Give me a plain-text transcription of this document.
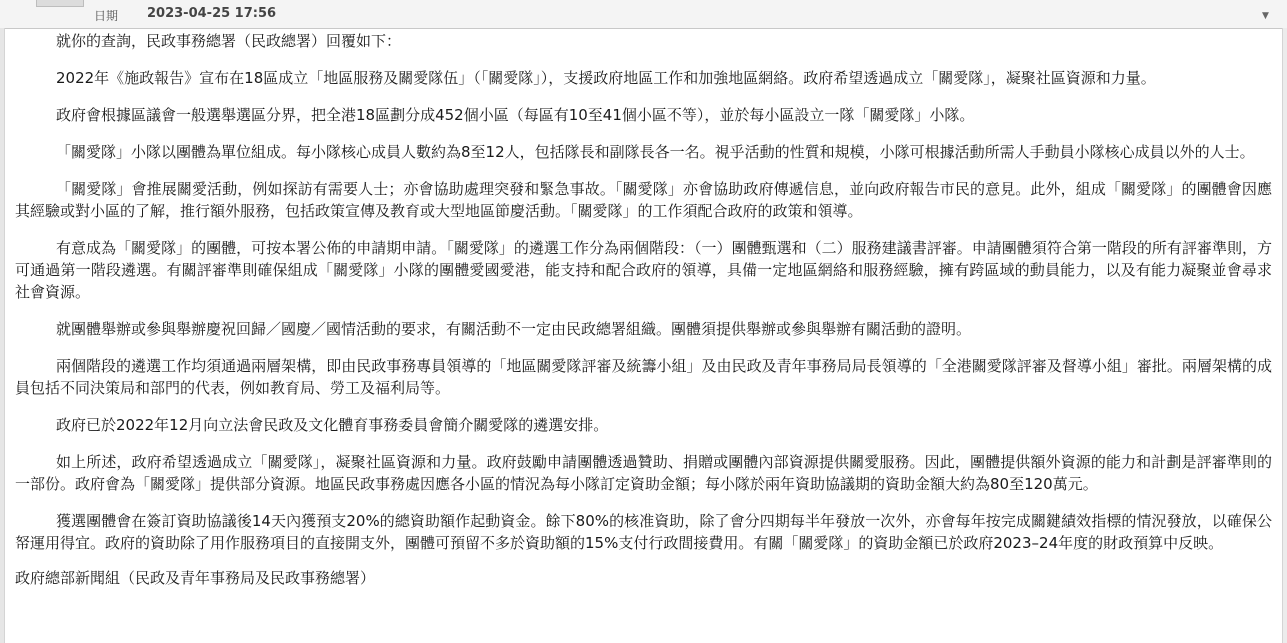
日期 2023-04-25 17:56	▼

就你的查詢，民政事務總署（民政總署）回覆如下：

2022年《施政報告》宣布在18區成立「地區服務及關愛隊伍」（「關愛隊」），支援政府地區工作和加強地區網絡。政府希望透過成立「關愛隊」，凝聚社區資源和力量。

政府會根據區議會一般選舉選區分界，把全港18區劃分成452個小區（每區有10至41個小區不等），並於每小區設立一隊「關愛隊」小隊。

「關愛隊」小隊以團體為單位組成。每小隊核心成員人數約為8至12人，包括隊長和副隊長各一名。視乎活動的性質和規模，小隊可根據活動所需人手動員小隊核心成員以外的人士。

「關愛隊」會推展關愛活動，例如探訪有需要人士；亦會協助處理突發和緊急事故。「關愛隊」亦會協助政府傳遞信息，並向政府報告市民的意見。此外，組成「關愛隊」的團體會因應其經驗或對小區的了解，推行額外服務，包括政策宣傳及教育或大型地區節慶活動。「關愛隊」的工作須配合政府的政策和領導。

有意成為「關愛隊」的團體，可按本署公佈的申請期申請。「關愛隊」的遴選工作分為兩個階段：（一）團體甄選和（二）服務建議書評審。申請團體須符合第一階段的所有評審準則，方可通過第一階段遴選。有關評審準則確保組成「關愛隊」小隊的團體愛國愛港，能支持和配合政府的領導，具備一定地區網絡和服務經驗，擁有跨區域的動員能力，以及有能力凝聚並會尋求社會資源。

就團體舉辦或參與舉辦慶祝回歸／國慶／國情活動的要求，有關活動不一定由民政總署組織。團體須提供舉辦或參與舉辦有關活動的證明。

兩個階段的遴選工作均須通過兩層架構，即由民政事務專員領導的「地區關愛隊評審及統籌小組」及由民政及青年事務局局長領導的「全港關愛隊評審及督導小組」審批。兩層架構的成員包括不同決策局和部門的代表，例如教育局、勞工及福利局等。

政府已於2022年12月向立法會民政及文化體育事務委員會簡介關愛隊的遴選安排。

如上所述，政府希望透過成立「關愛隊」，凝聚社區資源和力量。政府鼓勵申請團體透過贊助、捐贈或團體內部資源提供關愛服務。因此，團體提供額外資源的能力和計劃是評審準則的一部份。政府會為「關愛隊」提供部分資源。地區民政事務處因應各小區的情況為每小隊訂定資助金額；每小隊於兩年資助協議期的資助金額大約為80至120萬元。

獲選團體會在簽訂資助協議後14天內獲預支20%的總資助額作起動資金。餘下80%的核准資助，除了會分四期每半年發放一次外，亦會每年按完成關鍵績效指標的情況發放，以確保公帑運用得宜。政府的資助除了用作服務項目的直接開支外，團體可預留不多於資助額的15%支付行政間接費用。有關「關愛隊」的資助金額已於政府2023–24年度的財政預算中反映。

政府總部新聞組（民政及青年事務局及民政事務總署）
